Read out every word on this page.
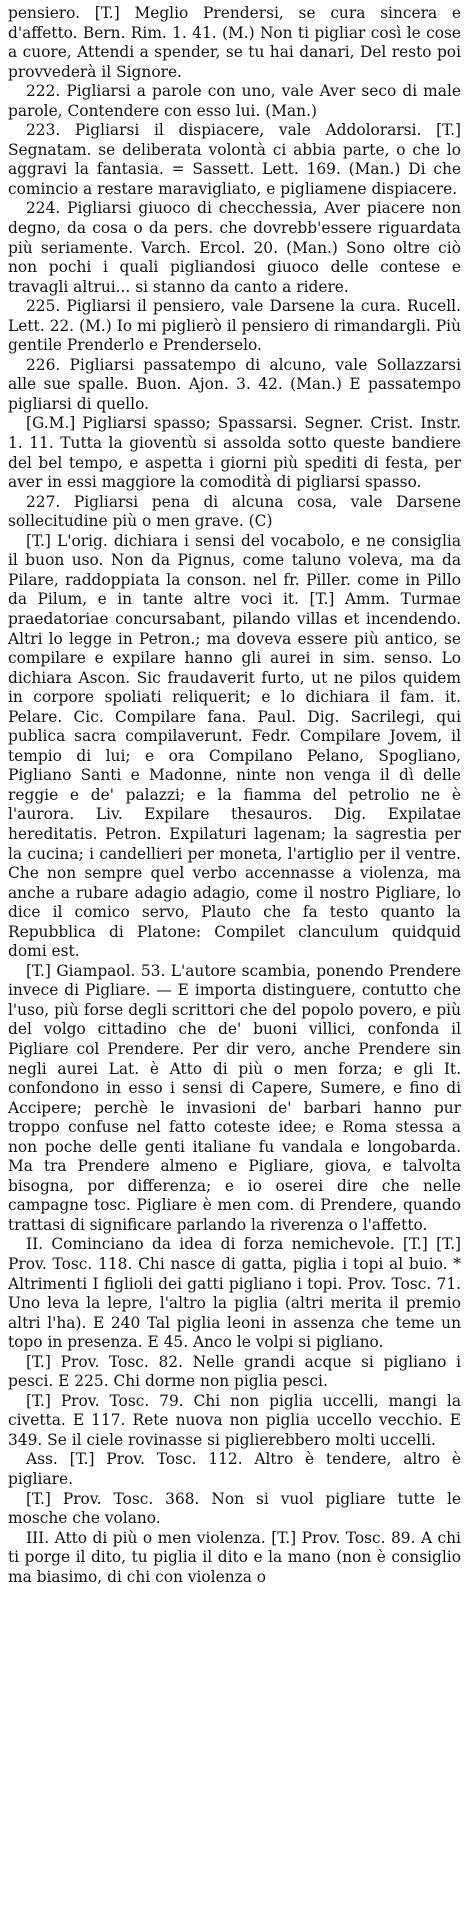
pensiero. [T.] Meglio Prendersi, se cura sincera e d'affetto. Bern. Rim. 1. 41. (M.) Non ti pigliar così le cose a cuore, Attendi a spender, se tu hai danari, Del resto poi provvederà il Signore.

222. Pigliarsi a parole con uno, vale Aver seco di male parole, Contendere con esso lui. (Man.)

223. Pigliarsi il dispiacere, vale Addolorarsi. [T.] Segnatam. se deliberata volontà ci abbia parte, o che lo aggravi la fantasia. = Sassett. Lett. 169. (Man.) Di che comincio a restare maravigliato, e pigliamene dispiacere.

224. Pigliarsi giuoco di checchessia, Aver piacere non degno, da cosa o da pers. che dovrebb'essere riguardata più seriamente. Varch. Ercol. 20. (Man.) Sono oltre ciò non pochi i quali pigliandosi giuoco delle contese e travagli altrui... si stanno da canto a ridere.

225. Pigliarsi il pensiero, vale Darsene la cura. Rucell. Lett. 22. (M.) Io mi piglierò il pensiero di rimandargli. Più gentile Prenderlo e Prenderselo.

226. Pigliarsi passatempo di alcuno, vale Sollazzarsi alle sue spalle. Buon. Ajon. 3. 42. (Man.) E passatempo pigliarsi di quello.

[G.M.] Pigliarsi spasso; Spassarsi. Segner. Crist. Instr. 1. 11. Tutta la gioventù si assolda sotto queste bandiere del bel tempo, e aspetta i giorni più spediti di festa, per aver in essi maggiore la comodità di pigliarsi spasso.

227. Pigliarsi pena di alcuna cosa, vale Darsene sollecitudine più o men grave. (C)

[T.] L'orig. dichiara i sensi del vocabolo, e ne consiglia il buon uso. Non da Pignus, come taluno voleva, ma da Pilare, raddoppiata la conson. nel fr. Piller. come in Pillo da Pilum, e in tante altre voci it. [T.] Amm. Turmae praedatoriae concursabant, pilando villas et incendendo. Altri lo legge in Petron.; ma doveva essere più antico, se compilare e expilare hanno gli aurei in sim. senso. Lo dichiara Ascon. Sic fraudaverit furto, ut ne pilos quidem in corpore spoliati reliquerit; e lo dichiara il fam. it. Pelare. Cic. Compilare fana. Paul. Dig. Sacrilegi, qui publica sacra compilaverunt. Fedr. Compilare Jovem, il tempio di lui; e ora Compilano Pelano, Spogliano, Pigliano Santi e Madonne, ninte non venga il dì delle reggie e de' palazzi; e la fiamma del petrolio ne è l'aurora. Liv. Expilare thesauros. Dig. Expilatae hereditatis. Petron. Expilaturi lagenam; la sagrestia per la cucina; i candellieri per moneta, l'artiglio per il ventre. Che non sempre quel verbo accennasse a violenza, ma anche a rubare adagio adagio, come il nostro Pigliare, lo dice il comico servo, Plauto che fa testo quanto la Repubblica di Platone: Compilet clanculum quidquid domi est.

[T.] Giampaol. 53. L'autore scambia, ponendo Prendere invece di Pigliare. — E importa distinguere, contutto che l'uso, più forse degli scrittori che del popolo povero, e più del volgo cittadino che de' buoni villici, confonda il Pigliare col Prendere. Per dir vero, anche Prendere sin negli aurei Lat. è Atto di più o men forza; e gli It. confondono in esso i sensi di Capere, Sumere, e fino di Accipere; perchè le invasioni de' barbari hanno pur troppo confuse nel fatto coteste idee; e Roma stessa a non poche delle genti italiane fu vandala e longobarda. Ma tra Prendere almeno e Pigliare, giova, e talvolta bisogna, por differenza; e io oserei dire che nelle campagne tosc. Pigliare è men com. di Prendere, quando trattasi di significare parlando la riverenza o l'affetto.

II. Cominciano da idea di forza nemichevole. [T.] [T.] Prov. Tosc. 118. Chi nasce di gatta, piglia i topi al buio. * Altrimenti I figlioli dei gatti pigliano i topi. Prov. Tosc. 71. Uno leva la lepre, l'altro la piglia (altri merita il premio altri l'ha). E 240 Tal piglia leoni in assenza che teme un topo in presenza. E 45. Anco le volpi si pigliano.

[T.] Prov. Tosc. 82. Nelle grandi acque si pigliano i pesci. E 225. Chi dorme non piglia pesci.

[T.] Prov. Tosc. 79. Chi non piglia uccelli, mangi la civetta. E 117. Rete nuova non piglia uccello vecchio. E 349. Se il ciele rovinasse si piglierebbero molti uccelli.

Ass. [T.] Prov. Tosc. 112. Altro è tendere, altro è pigliare.

[T.] Prov. Tosc. 368. Non si vuol pigliare tutte le mosche che volano.

III. Atto di più o men violenza. [T.] Prov. Tosc. 89. A chi ti porge il dito, tu piglia il dito e la mano (non è consiglio ma biasimo, di chi con violenza o
